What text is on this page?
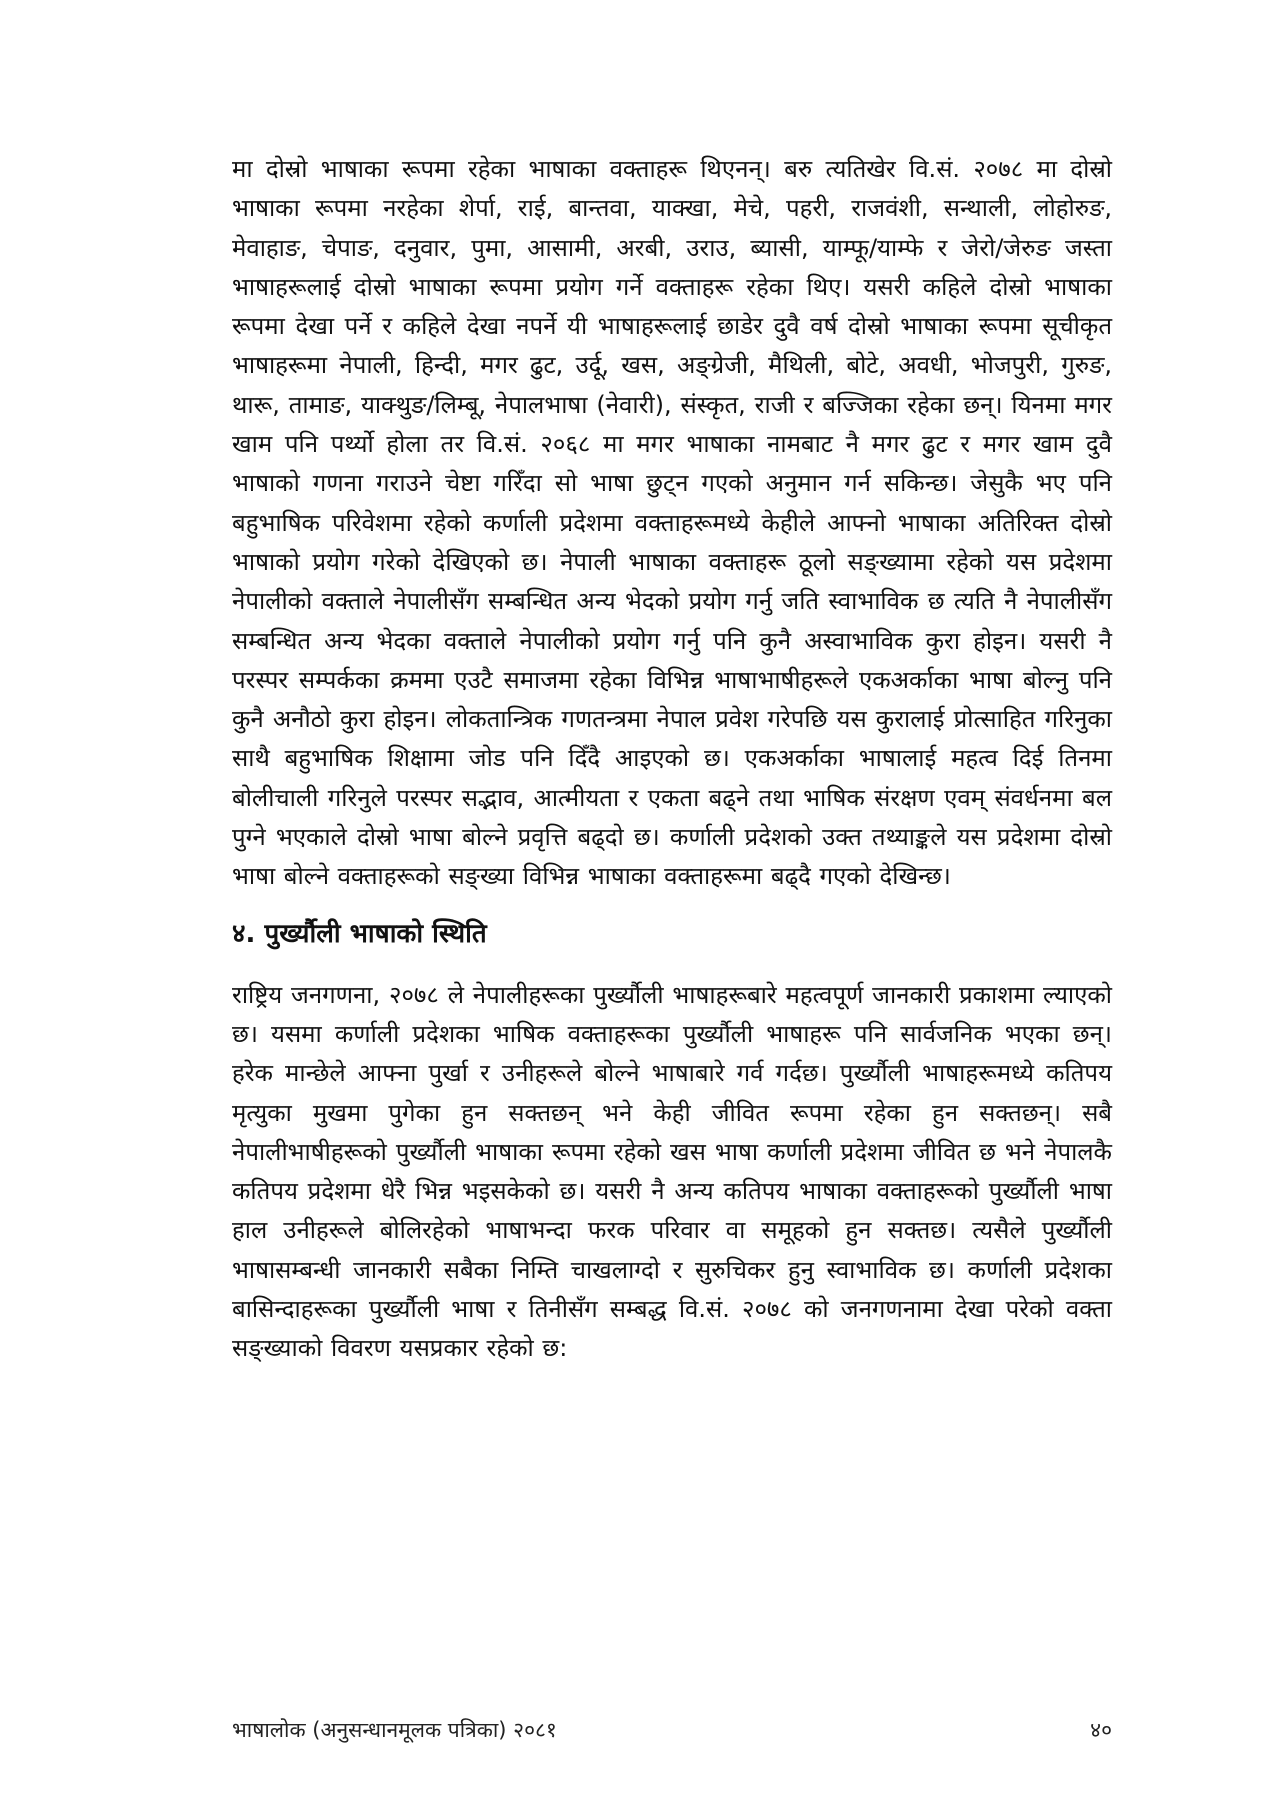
मा दोस्रो भाषाका रूपमा रहेका भाषाका वक्ताहरू थिएनन्। बरु त्यतिखेर वि.सं. २०७८ मा दोस्रो भाषाका रूपमा नरहेका शेर्पा, राई, बान्तवा, याक्खा, मेचे, पहरी, राजवंशी, सन्थाली, लोहोरुङ, मेवाहाङ, चेपाङ, दनुवार, पुमा, आसामी, अरबी, उराउ, ब्यासी, याम्फू/याम्फे र जेरो/जेरुङ जस्ता भाषाहरूलाई दोस्रो भाषाका रूपमा प्रयोग गर्ने वक्ताहरू रहेका थिए। यसरी कहिले दोस्रो भाषाका रूपमा देखा पर्ने र कहिले देखा नपर्ने यी भाषाहरूलाई छाडेर दुवै वर्ष दोस्रो भाषाका रूपमा सूचीकृत भाषाहरूमा नेपाली, हिन्दी, मगर ढुट, उर्दू, खस, अङ्ग्रेजी, मैथिली, बोटे, अवधी, भोजपुरी, गुरुङ, थारू, तामाङ, याक्थुङ/लिम्बू, नेपालभाषा (नेवारी), संस्कृत, राजी र बज्जिका रहेका छन्। यिनमा मगर खाम पनि पर्थ्यो होला तर वि.सं. २०६८ मा मगर भाषाका नामबाट नै मगर ढुट र मगर खाम दुवै भाषाको गणना गराउने चेष्टा गरिँदा सो भाषा छुट्न गएको अनुमान गर्न सकिन्छ। जेसुकै भए पनि बहुभाषिक परिवेशमा रहेको कर्णाली प्रदेशमा वक्ताहरूमध्ये केहीले आफ्नो भाषाका अतिरिक्त दोस्रो भाषाको प्रयोग गरेको देखिएको छ। नेपाली भाषाका वक्ताहरू ठूलो सङ्ख्यामा रहेको यस प्रदेशमा नेपालीको वक्ताले नेपालीसँग सम्बन्धित अन्य भेदको प्रयोग गर्नु जति स्वाभाविक छ त्यति नै नेपालीसँग सम्बन्धित अन्य भेदका वक्ताले नेपालीको प्रयोग गर्नु पनि कुनै अस्वाभाविक कुरा होइन। यसरी नै परस्पर सम्पर्कका क्रममा एउटै समाजमा रहेका विभिन्न भाषाभाषीहरूले एकअर्काका भाषा बोल्नु पनि कुनै अनौठो कुरा होइन। लोकतान्त्रिक गणतन्त्रमा नेपाल प्रवेश गरेपछि यस कुरालाई प्रोत्साहित गरिनुका साथै बहुभाषिक शिक्षामा जोड पनि दिँदै आइएको छ। एकअर्काका भाषालाई महत्व दिई तिनमा बोलीचाली गरिनुले परस्पर सद्भाव, आत्मीयता र एकता बढ्ने तथा भाषिक संरक्षण एवम् संवर्धनमा बल पुग्ने भएकाले दोस्रो भाषा बोल्ने प्रवृत्ति बढ्दो छ। कर्णाली प्रदेशको उक्त तथ्याङ्कले यस प्रदेशमा दोस्रो भाषा बोल्ने वक्ताहरूको सङ्ख्या विभिन्न भाषाका वक्ताहरूमा बढ्दै गएको देखिन्छ।

४. पुर्ख्यौली भाषाको स्थिति

राष्ट्रिय जनगणना, २०७८ ले नेपालीहरूका पुर्ख्यौली भाषाहरूबारे महत्वपूर्ण जानकारी प्रकाशमा ल्याएको छ। यसमा कर्णाली प्रदेशका भाषिक वक्ताहरूका पुर्ख्यौली भाषाहरू पनि सार्वजनिक भएका छन्। हरेक मान्छेले आफ्ना पुर्खा र उनीहरूले बोल्ने भाषाबारे गर्व गर्दछ। पुर्ख्यौली भाषाहरूमध्ये कतिपय मृत्युका मुखमा पुगेका हुन सक्तछन् भने केही जीवित रूपमा रहेका हुन सक्तछन्। सबै नेपालीभाषीहरूको पुर्ख्यौली भाषाका रूपमा रहेको खस भाषा कर्णाली प्रदेशमा जीवित छ भने नेपालकै कतिपय प्रदेशमा धेरै भिन्न भइसकेको छ। यसरी नै अन्य कतिपय भाषाका वक्ताहरूको पुर्ख्यौली भाषा हाल उनीहरूले बोलिरहेको भाषाभन्दा फरक परिवार वा समूहको हुन सक्तछ। त्यसैले पुर्ख्यौली भाषासम्बन्धी जानकारी सबैका निम्ति चाखलाग्दो र सुरुचिकर हुनु स्वाभाविक छ। कर्णाली प्रदेशका बासिन्दाहरूका पुर्ख्यौली भाषा र तिनीसँग सम्बद्ध वि.सं. २०७८ को जनगणनामा देखा परेको वक्ता सङ्ख्याको विवरण यसप्रकार रहेको छ:

भाषालोक (अनुसन्धानमूलक पत्रिका) २०८१	४०
